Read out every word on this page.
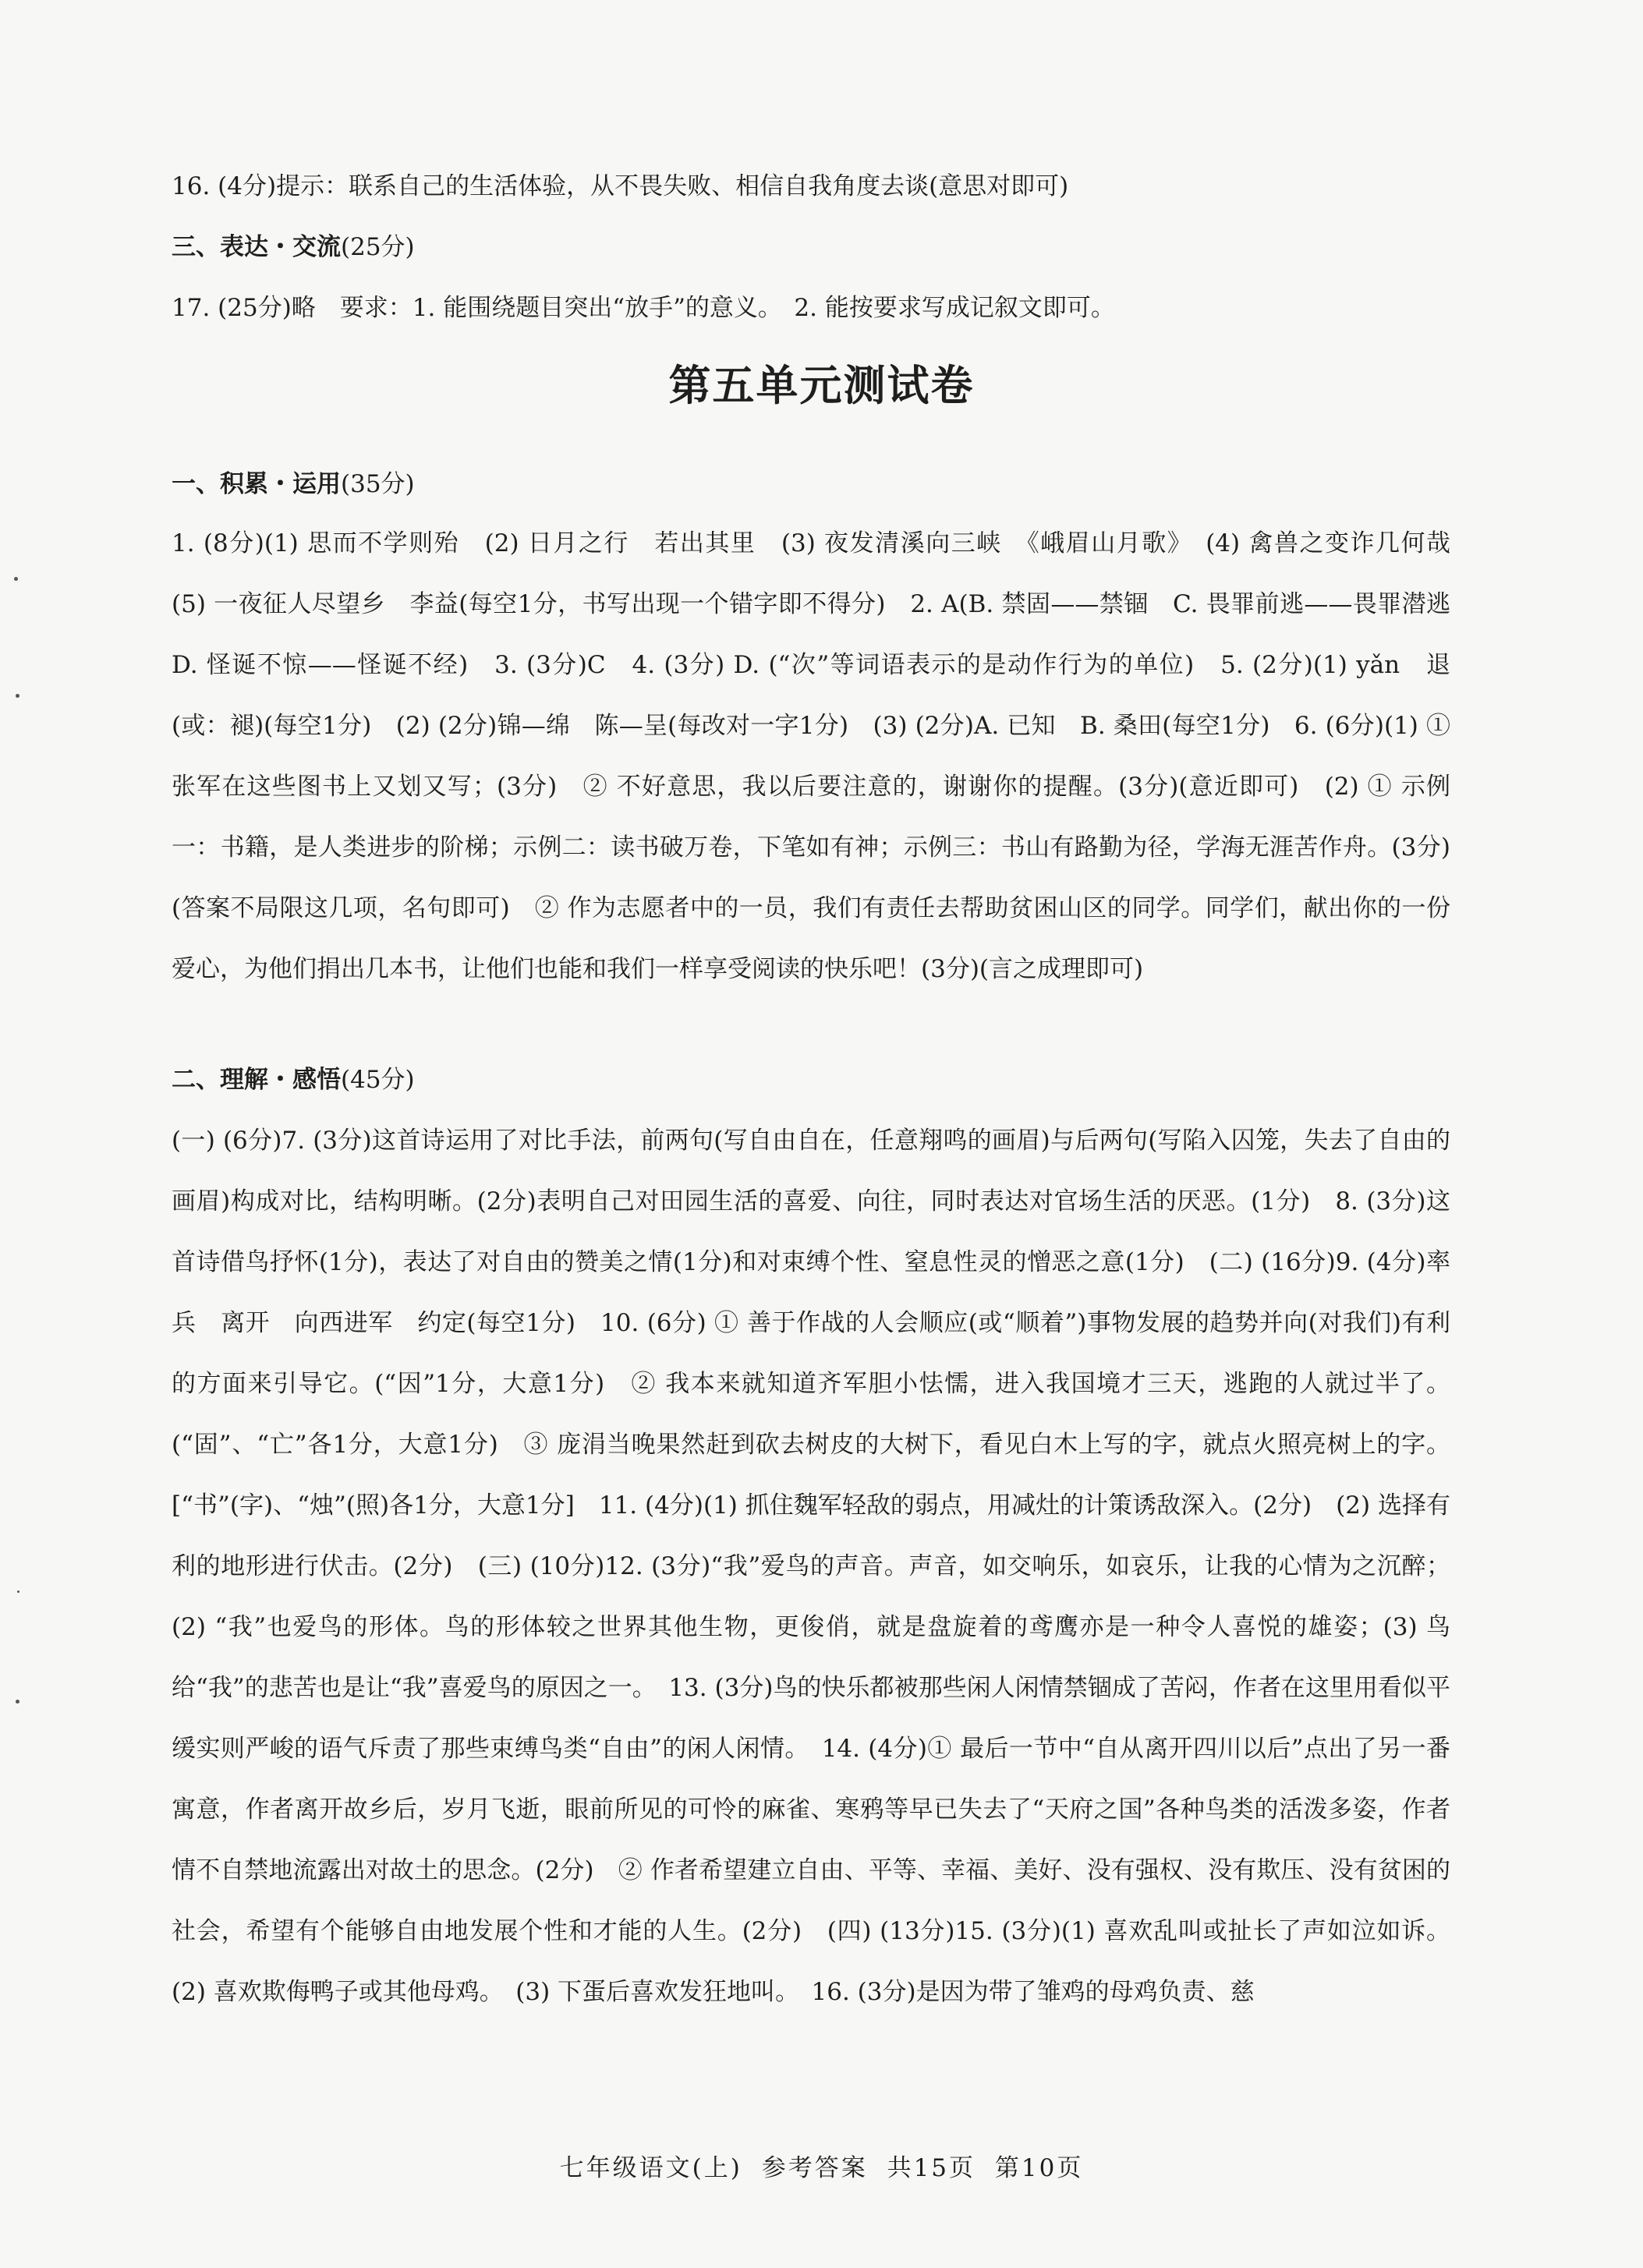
16. (4分)提示：联系自己的生活体验，从不畏失败、相信自我角度去谈(意思对即可)

三、表达・交流(25分)

17. (25分)略　要求：1. 能围绕题目突出“放手”的意义。　2. 能按要求写成记叙文即可。

第五单元测试卷

一、积累・运用(35分)

1. (8分)(1) 思而不学则殆　(2) 日月之行　若出其里　(3) 夜发清溪向三峡　《峨眉山月歌》　(4) 禽兽之变诈几何哉　(5) 一夜征人尽望乡　李益(每空1分，书写出现一个错字即不得分)　2. A(B. 禁固——禁锢　C. 畏罪前逃——畏罪潜逃　D. 怪诞不惊——怪诞不经)　3. (3分)C　4. (3分) D. (“次”等词语表示的是动作行为的单位)　5. (2分)(1) yǎn　退(或：褪)(每空1分)　(2) (2分)锦—绵　陈—呈(每改对一字1分)　(3) (2分)A. 已知　B. 桑田(每空1分)　6. (6分)(1) ① 张军在这些图书上又划又写；(3分)　② 不好意思，我以后要注意的，谢谢你的提醒。(3分)(意近即可)　(2) ① 示例一：书籍，是人类进步的阶梯；示例二：读书破万卷，下笔如有神；示例三：书山有路勤为径，学海无涯苦作舟。(3分)(答案不局限这几项，名句即可)　② 作为志愿者中的一员，我们有责任去帮助贫困山区的同学。同学们，献出你的一份爱心，为他们捐出几本书，让他们也能和我们一样享受阅读的快乐吧！(3分)(言之成理即可)

二、理解・感悟(45分)

(一) (6分)7. (3分)这首诗运用了对比手法，前两句(写自由自在，任意翔鸣的画眉)与后两句(写陷入囚笼，失去了自由的画眉)构成对比，结构明晰。(2分)表明自己对田园生活的喜爱、向往，同时表达对官场生活的厌恶。(1分)　8. (3分)这首诗借鸟抒怀(1分)，表达了对自由的赞美之情(1分)和对束缚个性、窒息性灵的憎恶之意(1分)　(二) (16分)9. (4分)率兵　离开　向西进军　约定(每空1分)　10. (6分) ① 善于作战的人会顺应(或“顺着”)事物发展的趋势并向(对我们)有利的方面来引导它。(“因”1分，大意1分)　② 我本来就知道齐军胆小怯懦，进入我国境才三天，逃跑的人就过半了。(“固”、“亡”各1分，大意1分)　③ 庞涓当晚果然赶到砍去树皮的大树下，看见白木上写的字，就点火照亮树上的字。[“书”(字)、“烛”(照)各1分，大意1分]　11. (4分)(1) 抓住魏军轻敌的弱点，用减灶的计策诱敌深入。(2分)　(2) 选择有利的地形进行伏击。(2分)　(三) (10分)12. (3分)“我”爱鸟的声音。声音，如交响乐，如哀乐，让我的心情为之沉醉；(2) “我”也爱鸟的形体。鸟的形体较之世界其他生物，更俊俏，就是盘旋着的鸢鹰亦是一种令人喜悦的雄姿；(3) 鸟给“我”的悲苦也是让“我”喜爱鸟的原因之一。　13. (3分)鸟的快乐都被那些闲人闲情禁锢成了苦闷，作者在这里用看似平缓实则严峻的语气斥责了那些束缚鸟类“自由”的闲人闲情。　14. (4分)① 最后一节中“自从离开四川以后”点出了另一番寓意，作者离开故乡后，岁月飞逝，眼前所见的可怜的麻雀、寒鸦等早已失去了“天府之国”各种鸟类的活泼多姿，作者情不自禁地流露出对故土的思念。(2分)　② 作者希望建立自由、平等、幸福、美好、没有强权、没有欺压、没有贫困的社会，希望有个能够自由地发展个性和才能的人生。(2分)　(四) (13分)15. (3分)(1) 喜欢乱叫或扯长了声如泣如诉。(2) 喜欢欺侮鸭子或其他母鸡。　(3) 下蛋后喜欢发狂地叫。　16. (3分)是因为带了雏鸡的母鸡负责、慈

七年级语文(上) 参考答案 共15页 第10页
